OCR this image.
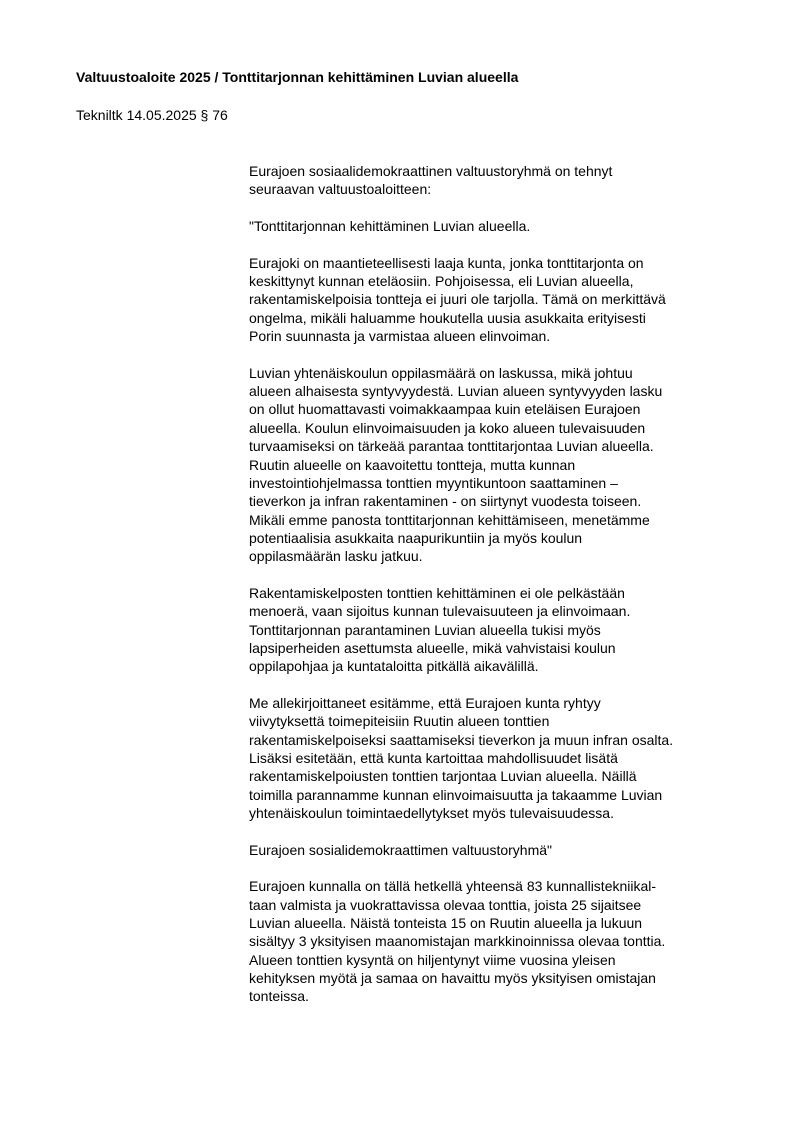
Valtuustoaloite 2025 / Tonttitarjonnan kehittäminen Luvian alueella
Tekniltk 14.05.2025 § 76
Eurajoen sosiaalidemokraattinen valtuustoryhmä on tehnyt
seuraavan valtuustoaloitteen:
"Tonttitarjonnan kehittäminen Luvian alueella.
Eurajoki on maantieteellisesti laaja kunta, jonka tonttitarjonta on
keskittynyt kunnan eteläosiin. Pohjoisessa, eli Luvian alueella,
rakentamiskelpoisia tontteja ei juuri ole tarjolla. Tämä on merkittävä
ongelma, mikäli haluamme houkutella uusia asukkaita erityisesti
Porin suunnasta ja varmistaa alueen elinvoiman.
Luvian yhtenäiskoulun oppilasmäärä on laskussa, mikä johtuu
alueen alhaisesta syntyvyydestä. Luvian alueen syntyvyyden lasku
on ollut huomattavasti voimakkaampaa kuin eteläisen Eurajoen
alueella. Koulun elinvoimaisuuden ja koko alueen tulevaisuuden
turvaamiseksi on tärkeää parantaa tonttitarjontaa Luvian alueella.
Ruutin alueelle on kaavoitettu tontteja, mutta kunnan
investointiohjelmassa tonttien myyntikuntoon saattaminen –
tieverkon ja infran rakentaminen - on siirtynyt vuodesta toiseen.
Mikäli emme panosta tonttitarjonnan kehittämiseen, menetämme
potentiaalisia asukkaita naapurikuntiin ja myös koulun
oppilasmäärän lasku jatkuu.
Rakentamiskelposten tonttien kehittäminen ei ole pelkästään
menoerä, vaan sijoitus kunnan tulevaisuuteen ja elinvoimaan.
Tonttitarjonnan parantaminen Luvian alueella tukisi myös
lapsiperheiden asettumsta alueelle, mikä vahvistaisi koulun
oppilapohjaa ja kuntataloitta pitkällä aikavälillä.
Me allekirjoittaneet esitämme, että Eurajoen kunta ryhtyy
viivytyksettä toimepiteisiin Ruutin alueen tonttien
rakentamiskelpoiseksi saattamiseksi tieverkon ja muun infran osalta.
Lisäksi esitetään, että kunta kartoittaa mahdollisuudet lisätä
rakentamiskelpoiusten tonttien tarjontaa Luvian alueella. Näillä
toimilla parannamme kunnan elinvoimaisuutta ja takaamme Luvian
yhtenäiskoulun toimintaedellytykset myös tulevaisuudessa.
Eurajoen sosialidemokraattimen valtuustoryhmä"
Eurajoen kunnalla on tällä hetkellä yhteensä 83 kunnallistekniikal-
taan valmista ja vuokrattavissa olevaa tonttia, joista 25 sijaitsee
Luvian alueella. Näistä tonteista 15 on Ruutin alueella ja lukuun
sisältyy 3 yksityisen maanomistajan markkinoinnissa olevaa tonttia.
Alueen tonttien kysyntä on hiljentynyt viime vuosina yleisen
kehityksen myötä ja samaa on havaittu myös yksityisen omistajan
tonteissa.
